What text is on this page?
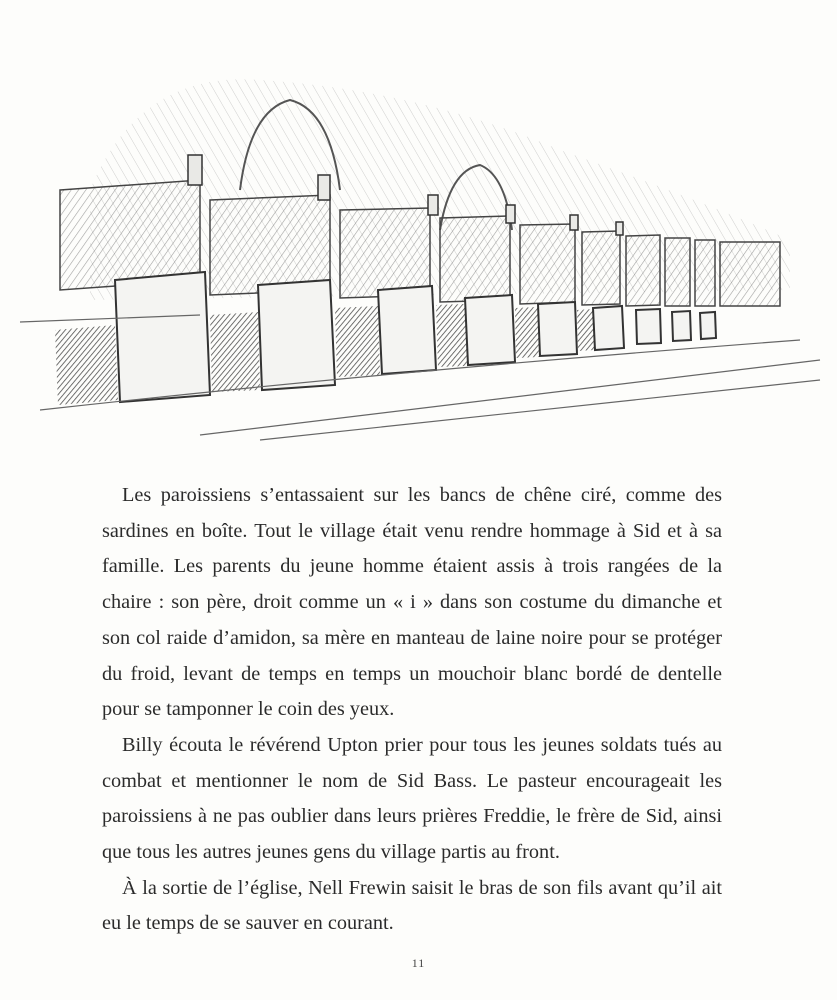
Les paroissiens s’entassaient sur les bancs de chêne ciré, comme des sardines en boîte. Tout le village était venu rendre hommage à Sid et à sa famille. Les parents du jeune homme étaient assis à trois rangées de la chaire : son père, droit comme un « i » dans son costume du dimanche et son col raide d’amidon, sa mère en manteau de laine noire pour se protéger du froid, levant de temps en temps un mouchoir blanc bordé de dentelle pour se tamponner le coin des yeux.

Billy écouta le révérend Upton prier pour tous les jeunes soldats tués au combat et mentionner le nom de Sid Bass. Le pasteur encourageait les paroissiens à ne pas oublier dans leurs prières Freddie, le frère de Sid, ainsi que tous les autres jeunes gens du village partis au front.

À la sortie de l’église, Nell Frewin saisit le bras de son fils avant qu’il ait eu le temps de se sauver en courant.

11
